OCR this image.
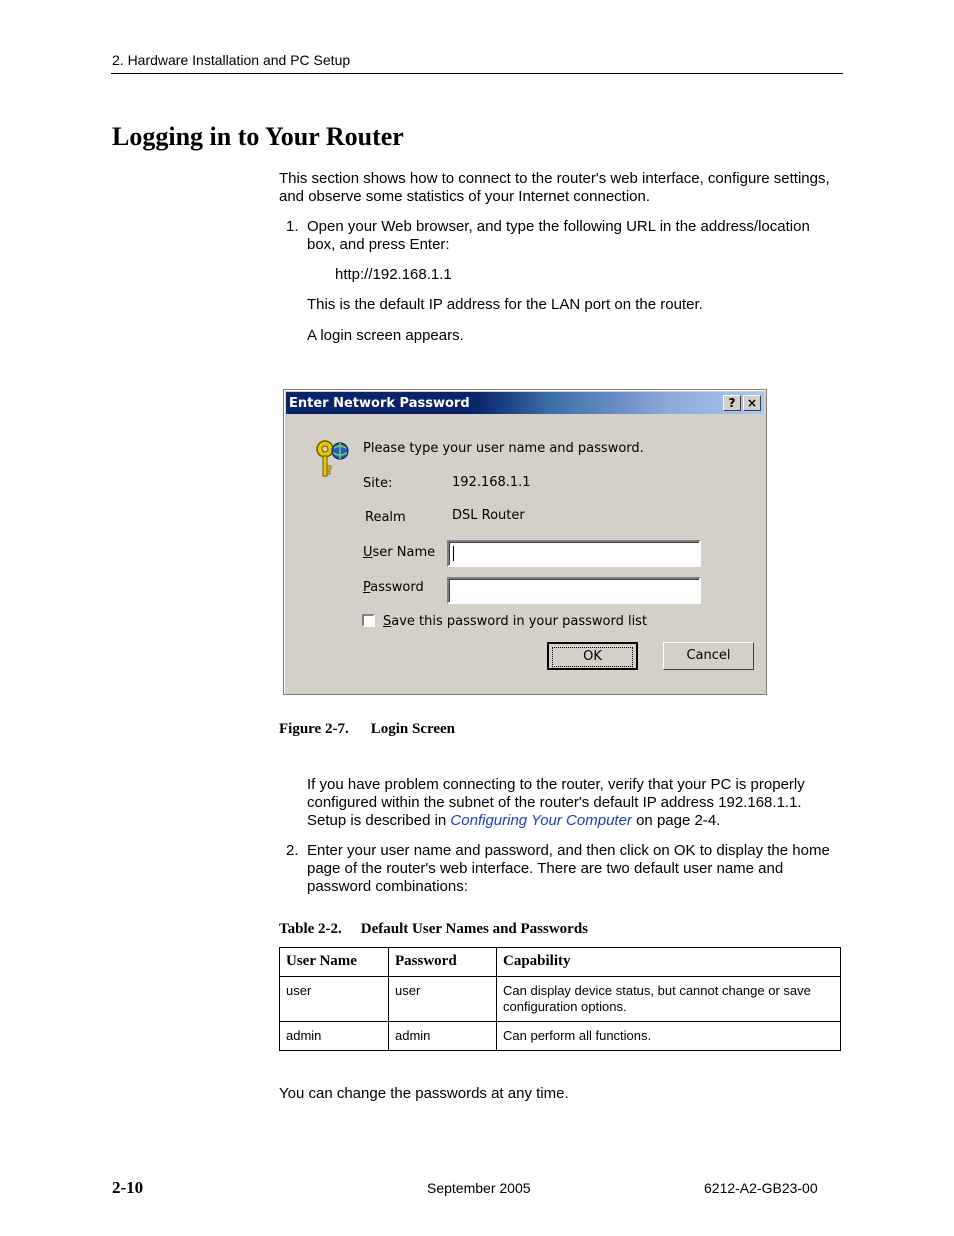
2. Hardware Installation and PC Setup
Logging in to Your Router
This section shows how to connect to the router's web interface, configure settings, and observe some statistics of your Internet connection.
1. Open your Web browser, and type the following URL in the address/location box, and press Enter:
http://192.168.1.1
This is the default IP address for the LAN port on the router.
A login screen appears.
Enter Network Password	? ×
Please type your user name and password.
Site:	192.168.1.1
Realm	DSL Router
User Name
Password
Save this password in your password list
OK	Cancel
Figure 2-7. Login Screen
If you have problem connecting to the router, verify that your PC is properly configured within the subnet of the router's default IP address 192.168.1.1. Setup is described in Configuring Your Computer on page 2-4.
2. Enter your user name and password, and then click on OK to display the home page of the router's web interface. There are two default user name and password combinations:
Table 2-2. Default User Names and Passwords
User Name	Password	Capability
user	user	Can display device status, but cannot change or save configuration options.
admin	admin	Can perform all functions.
You can change the passwords at any time.
2-10	September 2005	6212-A2-GB23-00
